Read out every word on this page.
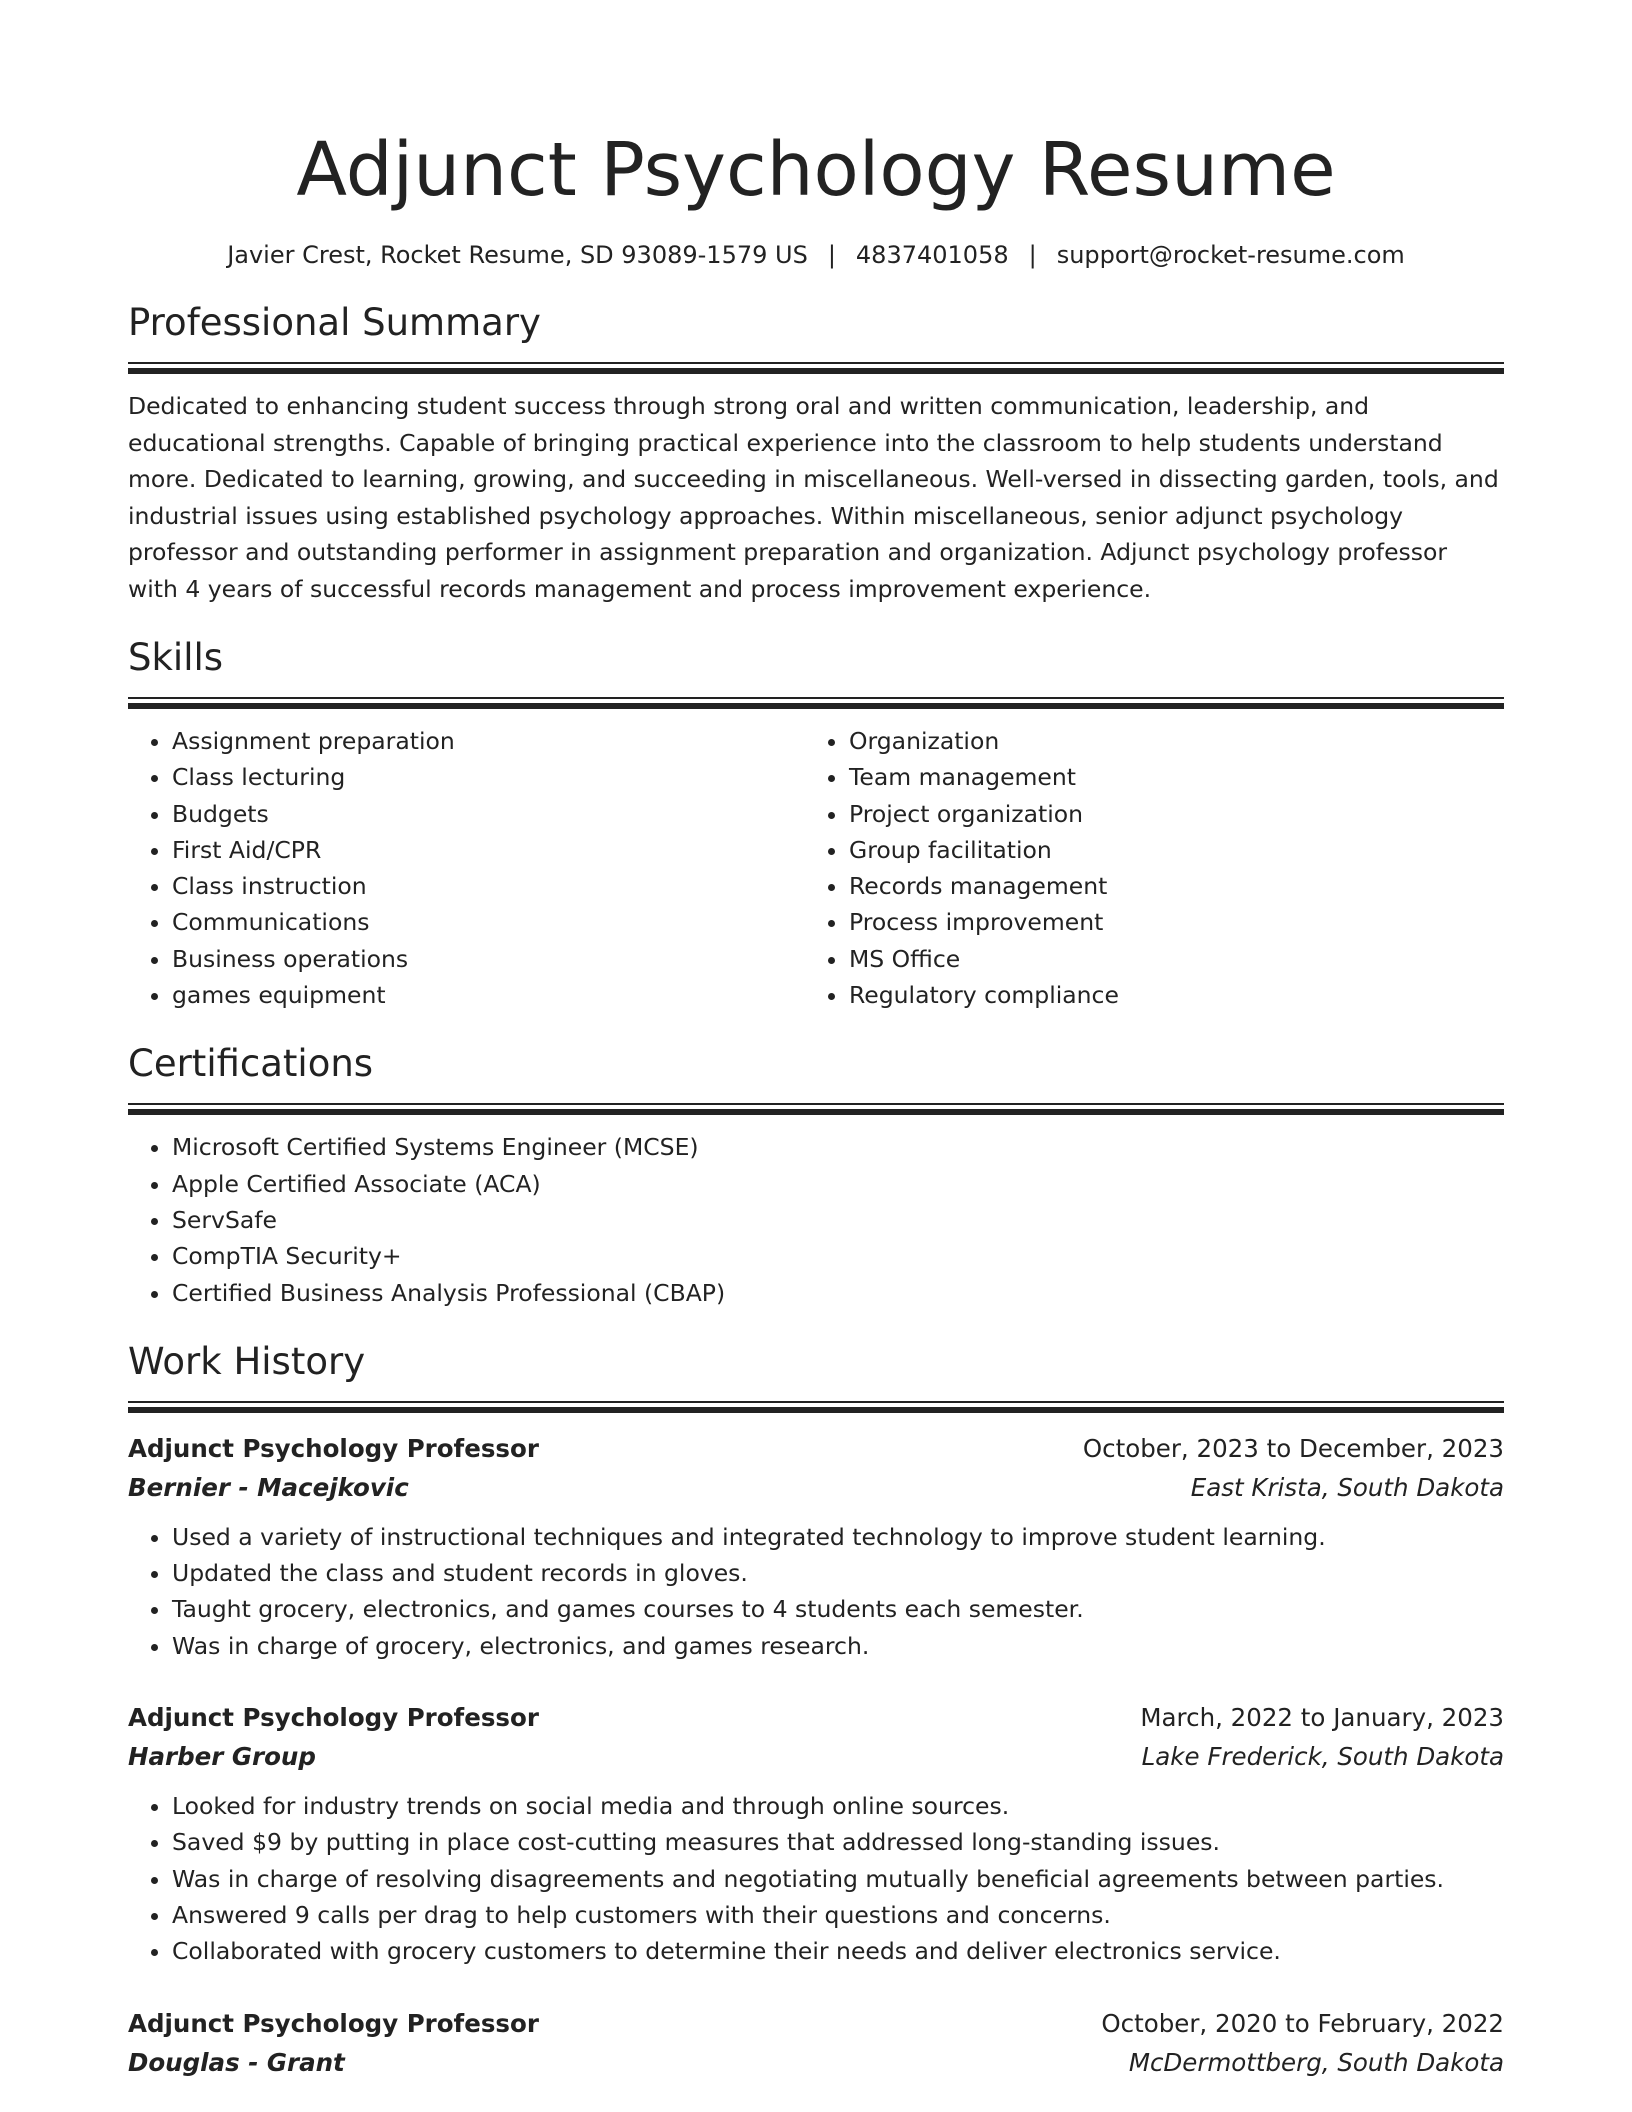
Adjunct Psychology Resume
Javier Crest, Rocket Resume, SD 93089-1579 US | 4837401058 | support@rocket-resume.com
Professional Summary
Dedicated to enhancing student success through strong oral and written communication, leadership, and educational strengths. Capable of bringing practical experience into the classroom to help students understand more. Dedicated to learning, growing, and succeeding in miscellaneous. Well-versed in dissecting garden, tools, and industrial issues using established psychology approaches. Within miscellaneous, senior adjunct psychology professor and outstanding performer in assignment preparation and organization. Adjunct psychology professor with 4 years of successful records management and process improvement experience.
Skills
• Assignment preparation
• Class lecturing
• Budgets
• First Aid/CPR
• Class instruction
• Communications
• Business operations
• games equipment
• Organization
• Team management
• Project organization
• Group facilitation
• Records management
• Process improvement
• MS Office
• Regulatory compliance
Certifications
• Microsoft Certified Systems Engineer (MCSE)
• Apple Certified Associate (ACA)
• ServSafe
• CompTIA Security+
• Certified Business Analysis Professional (CBAP)
Work History
Adjunct Psychology Professor	October, 2023 to December, 2023
Bernier - Macejkovic	East Krista, South Dakota
• Used a variety of instructional techniques and integrated technology to improve student learning.
• Updated the class and student records in gloves.
• Taught grocery, electronics, and games courses to 4 students each semester.
• Was in charge of grocery, electronics, and games research.
Adjunct Psychology Professor	March, 2022 to January, 2023
Harber Group	Lake Frederick, South Dakota
• Looked for industry trends on social media and through online sources.
• Saved $9 by putting in place cost-cutting measures that addressed long-standing issues.
• Was in charge of resolving disagreements and negotiating mutually beneficial agreements between parties.
• Answered 9 calls per drag to help customers with their questions and concerns.
• Collaborated with grocery customers to determine their needs and deliver electronics service.
Adjunct Psychology Professor	October, 2020 to February, 2022
Douglas - Grant	McDermottberg, South Dakota
